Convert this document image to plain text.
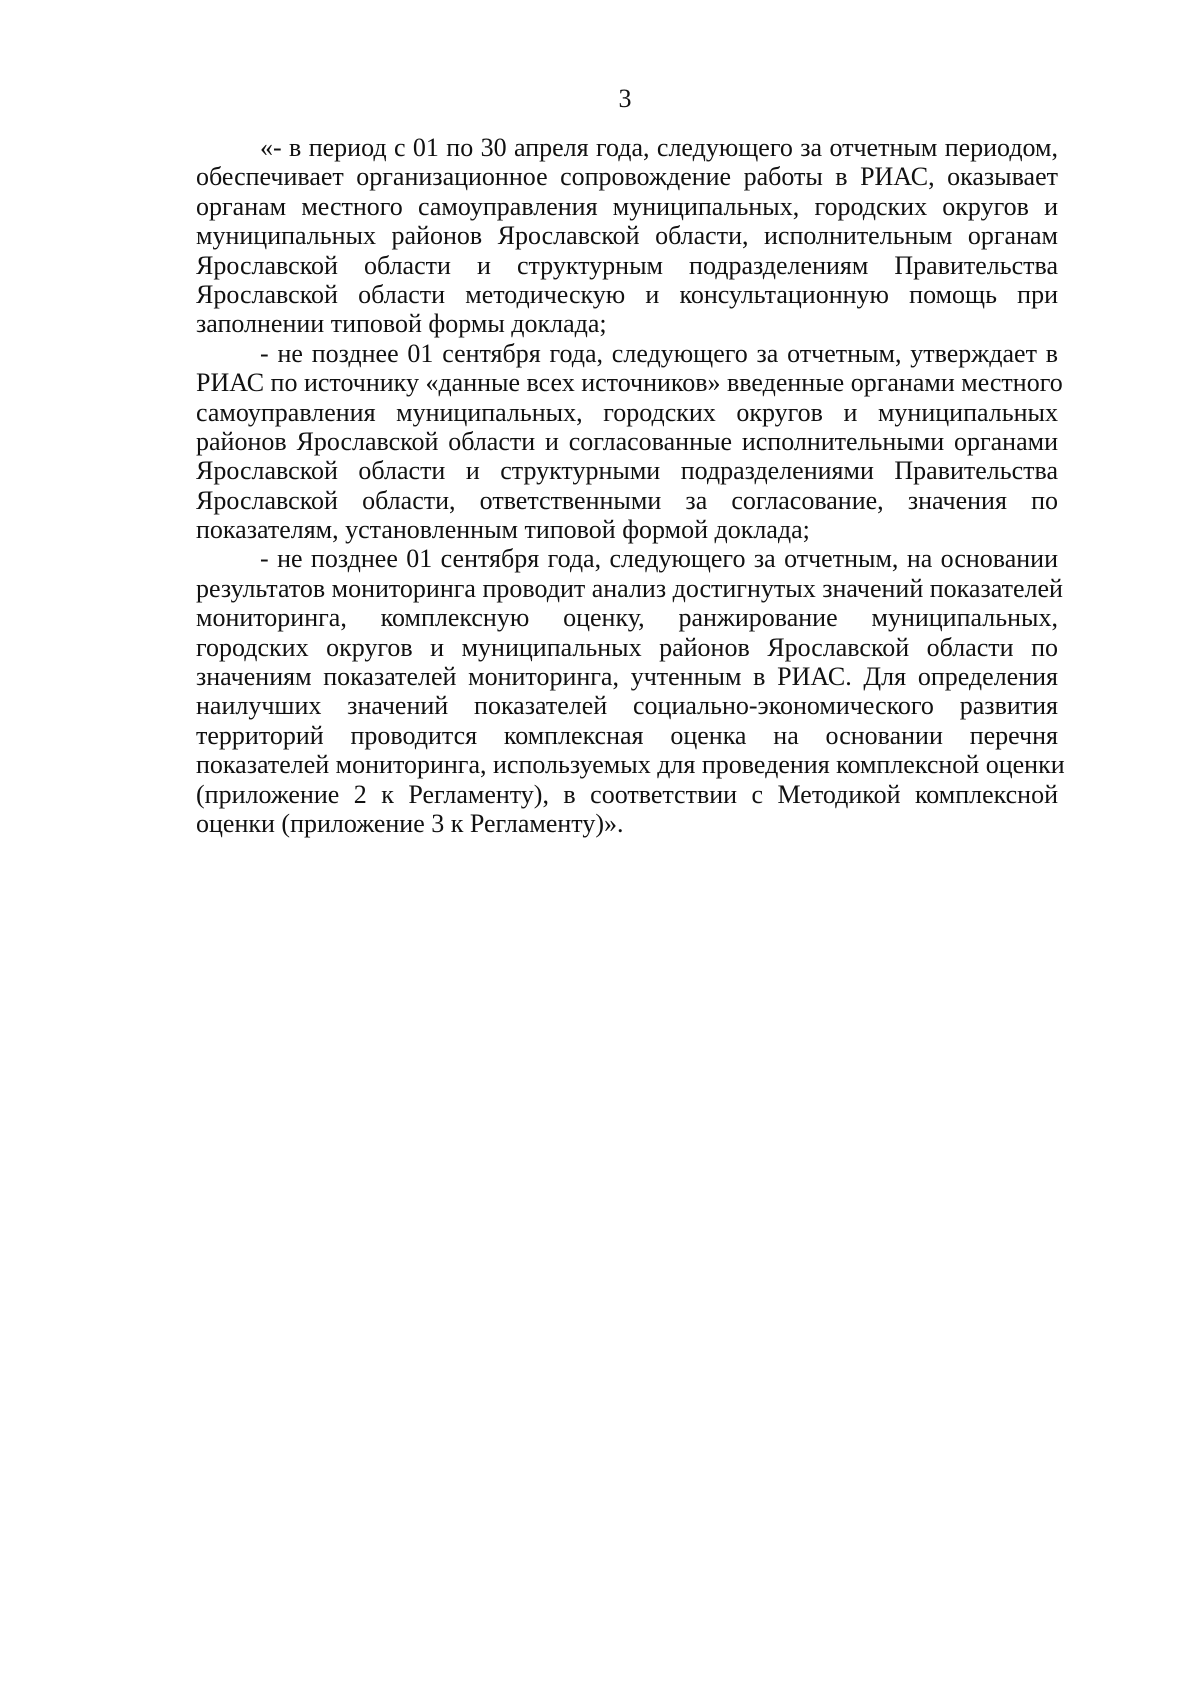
3
«- в период с 01 по 30 апреля года, следующего за отчетным периодом,
обеспечивает организационное сопровождение работы в РИАС, оказывает
органам местного самоуправления муниципальных, городских округов и
муниципальных районов Ярославской области, исполнительным органам
Ярославской области и структурным подразделениям Правительства
Ярославской области методическую и консультационную помощь при
заполнении типовой формы доклада;
- не позднее 01 сентября года, следующего за отчетным, утверждает в
РИАС по источнику «данные всех источников» введенные органами местного
самоуправления муниципальных, городских округов и муниципальных
районов Ярославской области и согласованные исполнительными органами
Ярославской области и структурными подразделениями Правительства
Ярославской области, ответственными за согласование, значения по
показателям, установленным типовой формой доклада;
- не позднее 01 сентября года, следующего за отчетным, на основании
результатов мониторинга проводит анализ достигнутых значений показателей
мониторинга, комплексную оценку, ранжирование муниципальных,
городских округов и муниципальных районов Ярославской области по
значениям показателей мониторинга, учтенным в РИАС. Для определения
наилучших значений показателей социально-экономического развития
территорий проводится комплексная оценка на основании перечня
показателей мониторинга, используемых для проведения комплексной оценки
(приложение 2 к Регламенту), в соответствии с Методикой комплексной
оценки (приложение 3 к Регламенту)».
